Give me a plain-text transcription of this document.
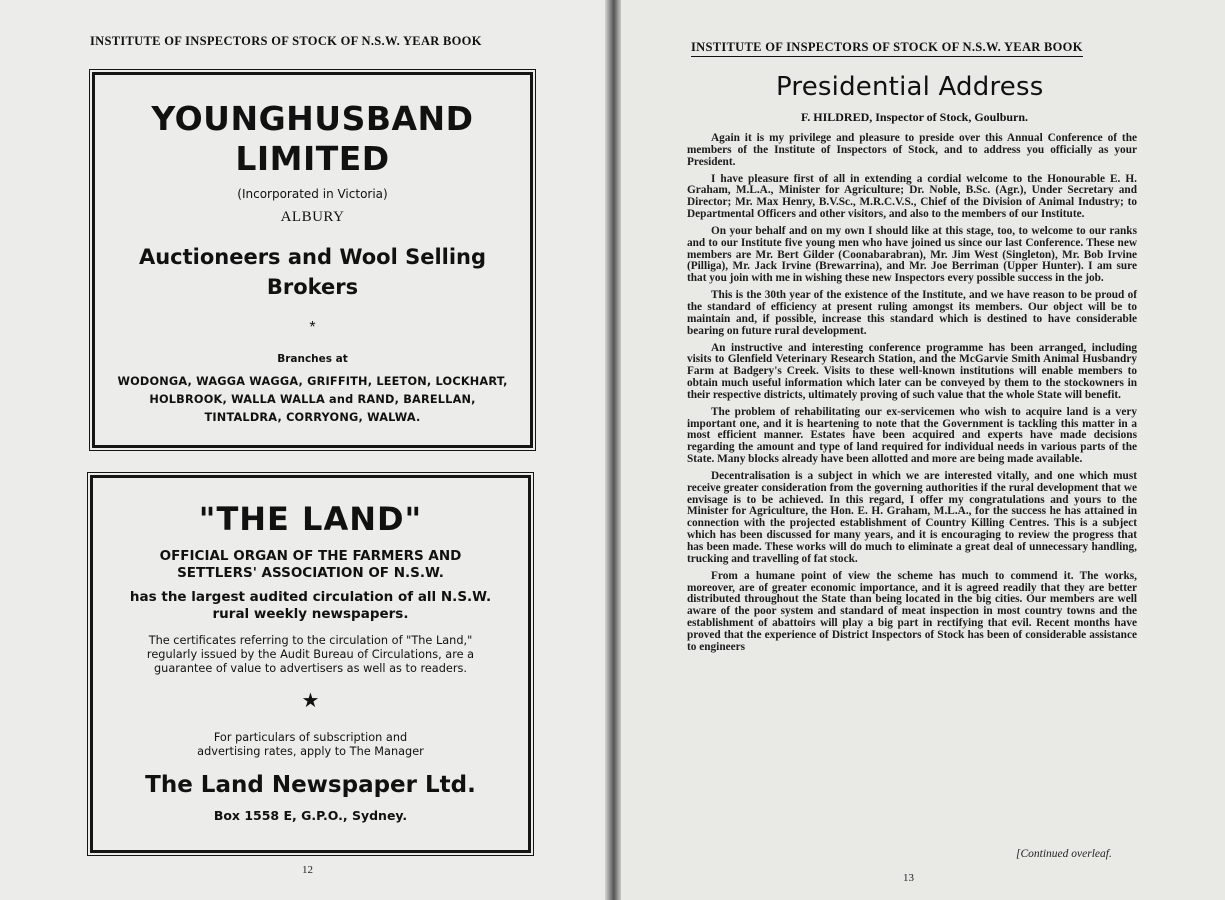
INSTITUTE OF INSPECTORS OF STOCK OF N.S.W. YEAR BOOK
YOUNGHUSBAND
LIMITED
(Incorporated in Victoria)
ALBURY
Auctioneers and Wool Selling
Brokers
*
Branches at
WODONGA, WAGGA WAGGA, GRIFFITH, LEETON, LOCKHART,
HOLBROOK, WALLA WALLA and RAND, BARELLAN,
TINTALDRA, CORRYONG, WALWA.
"THE LAND"
OFFICIAL ORGAN OF THE FARMERS AND
SETTLERS' ASSOCIATION OF N.S.W.
has the largest audited circulation of all N.S.W.
rural weekly newspapers.
The certificates referring to the circulation of "The Land,"
regularly issued by the Audit Bureau of Circulations, are a
guarantee of value to advertisers as well as to readers.
★
For particulars of subscription and
advertising rates, apply to The Manager
The Land Newspaper Ltd.
Box 1558 E, G.P.O., Sydney.
12
INSTITUTE OF INSPECTORS OF STOCK OF N.S.W. YEAR BOOK
Presidential Address
F. HILDRED, Inspector of Stock, Goulburn.

Again it is my privilege and pleasure to preside over this Annual Conference of the members of the Institute of Inspectors of Stock, and to address you officially as your President.

I have pleasure first of all in extending a cordial welcome to the Honourable E. H. Graham, M.L.A., Minister for Agriculture; Dr. Noble, B.Sc. (Agr.), Under Secretary and Director; Mr. Max Henry, B.V.Sc., M.R.C.V.S., Chief of the Division of Animal Industry; to Departmental Officers and other visitors, and also to the members of our Institute.

On your behalf and on my own I should like at this stage, too, to welcome to our ranks and to our Institute five young men who have joined us since our last Conference. These new members are Mr. Bert Gilder (Coonabarabran), Mr. Jim West (Singleton), Mr. Bob Irvine (Pilliga), Mr. Jack Irvine (Brewarrina), and Mr. Joe Berriman (Upper Hunter). I am sure that you join with me in wishing these new Inspectors every possible success in the job.

This is the 30th year of the existence of the Institute, and we have reason to be proud of the standard of efficiency at present ruling amongst its members. Our object will be to maintain and, if possible, increase this standard which is destined to have considerable bearing on future rural development.

An instructive and interesting conference programme has been arranged, including visits to Glenfield Veterinary Research Station, and the McGarvie Smith Animal Husbandry Farm at Badgery's Creek. Visits to these well-known institutions will enable members to obtain much useful information which later can be conveyed by them to the stockowners in their respective districts, ultimately proving of such value that the whole State will benefit.

The problem of rehabilitating our ex-servicemen who wish to acquire land is a very important one, and it is heartening to note that the Government is tackling this matter in a most efficient manner. Estates have been acquired and experts have made decisions regarding the amount and type of land required for individual needs in various parts of the State. Many blocks already have been allotted and more are being made available.

Decentralisation is a subject in which we are interested vitally, and one which must receive greater consideration from the governing authorities if the rural development that we envisage is to be achieved. In this regard, I offer my congratulations and yours to the Minister for Agriculture, the Hon. E. H. Graham, M.L.A., for the success he has attained in connection with the projected establishment of Country Killing Centres. This is a subject which has been discussed for many years, and it is encouraging to review the progress that has been made. These works will do much to eliminate a great deal of unnecessary handling, trucking and travelling of fat stock.

From a humane point of view the scheme has much to commend it. The works, moreover, are of greater economic importance, and it is agreed readily that they are better distributed throughout the State than being located in the big cities. Our members are well aware of the poor system and standard of meat inspection in most country towns and the establishment of abattoirs will play a big part in rectifying that evil. Recent months have proved that the experience of District Inspectors of Stock has been of considerable assistance to engineers

[Continued overleaf.
13
